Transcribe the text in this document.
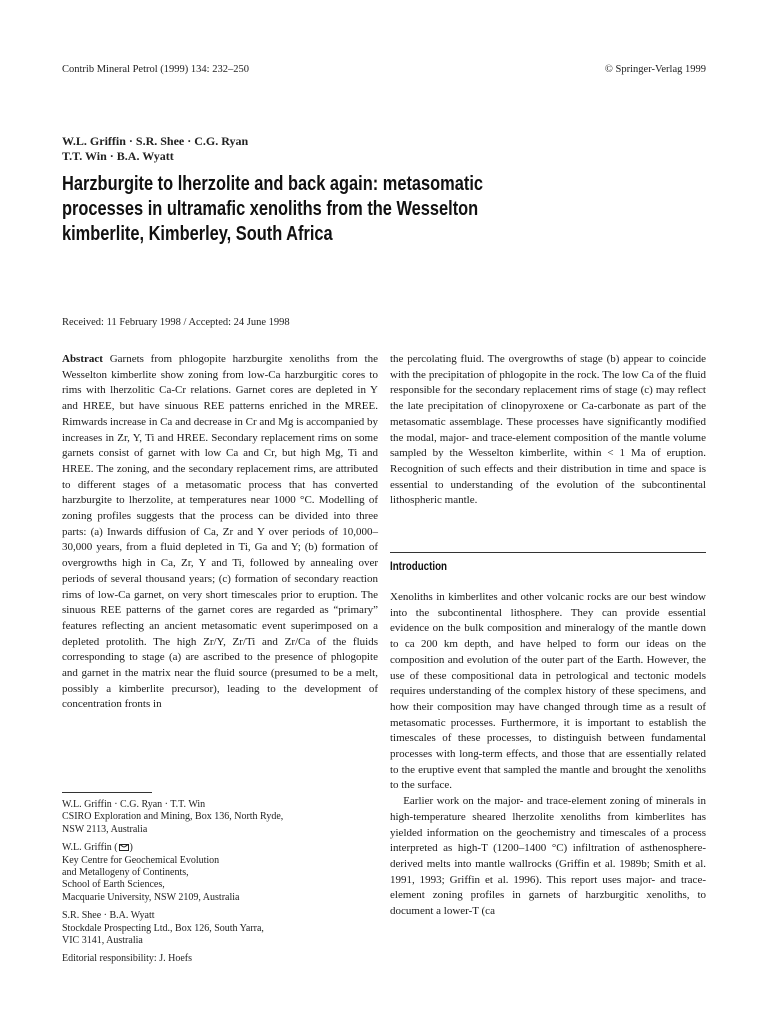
Contrib Mineral Petrol (1999) 134: 232–250	© Springer-Verlag 1999
W.L. Griffin · S.R. Shee · C.G. Ryan
T.T. Win · B.A. Wyatt
Harzburgite to lherzolite and back again: metasomatic
processes in ultramafic xenoliths from the Wesselton
kimberlite, Kimberley, South Africa
Received: 11 February 1998 / Accepted: 24 June 1998

Abstract Garnets from phlogopite harzburgite xenoliths from the Wesselton kimberlite show zoning from low-Ca harzburgitic cores to rims with lherzolitic Ca-Cr relations. Garnet cores are depleted in Y and HREE, but have sinuous REE patterns enriched in the MREE. Rimwards increase in Ca and decrease in Cr and Mg is accompanied by increases in Zr, Y, Ti and HREE. Secondary replacement rims on some garnets consist of garnet with low Ca and Cr, but high Mg, Ti and HREE. The zoning, and the secondary replacement rims, are attributed to different stages of a metasomatic process that has converted harzburgite to lherzolite, at temperatures near 1000 °C. Modelling of zoning profiles suggests that the process can be divided into three parts: (a) Inwards diffusion of Ca, Zr and Y over periods of 10,000–30,000 years, from a fluid depleted in Ti, Ga and Y; (b) formation of overgrowths high in Ca, Zr, Y and Ti, followed by annealing over periods of several thousand years; (c) formation of secondary reaction rims of low-Ca garnet, on very short timescales prior to eruption. The sinuous REE patterns of the garnet cores are regarded as “primary” features reflecting an ancient metasomatic event superimposed on a depleted protolith. The high Zr/Y, Zr/Ti and Zr/Ca of the fluids corresponding to stage (a) are ascribed to the presence of phlogopite and garnet in the matrix near the fluid source (presumed to be a melt, possibly a kimberlite precursor), leading to the development of concentration fronts in

the percolating fluid. The overgrowths of stage (b) appear to coincide with the precipitation of phlogopite in the rock. The low Ca of the fluid responsible for the secondary replacement rims of stage (c) may reflect the late precipitation of clinopyroxene or Ca-carbonate as part of the metasomatic assemblage. These processes have significantly modified the modal, major- and trace-element composition of the mantle volume sampled by the Wesselton kimberlite, within < 1 Ma of eruption. Recognition of such effects and their distribution in time and space is essential to understanding of the evolution of the subcontinental lithospheric mantle.

Introduction

Xenoliths in kimberlites and other volcanic rocks are our best window into the subcontinental lithosphere. They can provide essential evidence on the bulk composition and mineralogy of the mantle down to ca 200 km depth, and have helped to form our ideas on the composition and evolution of the outer part of the Earth. However, the use of these compositional data in petrological and tectonic models requires understanding of the complex history of these specimens, and how their composition may have changed through time as a result of metasomatic processes. Furthermore, it is important to establish the timescales of these processes, to distinguish between fundamental processes with long-term effects, and those that are essentially related to the eruptive event that sampled the mantle and brought the xenoliths to the surface.

Earlier work on the major- and trace-element zoning of minerals in high-temperature sheared lherzolite xenoliths from kimberlites has yielded information on the geochemistry and timescales of a process interpreted as high-T (1200–1400 °C) infiltration of asthenosphere-derived melts into mantle wallrocks (Griffin et al. 1989b; Smith et al. 1991, 1993; Griffin et al. 1996). This report uses major- and trace-element zoning profiles in garnets of harzburgitic xenoliths, to document a lower-T (ca

W.L. Griffin · C.G. Ryan · T.T. Win
CSIRO Exploration and Mining, Box 136, North Ryde,
NSW 2113, Australia
W.L. Griffin ( )
Key Centre for Geochemical Evolution
and Metallogeny of Continents,
School of Earth Sciences,
Macquarie University, NSW 2109, Australia
S.R. Shee · B.A. Wyatt
Stockdale Prospecting Ltd., Box 126, South Yarra,
VIC 3141, Australia
Editorial responsibility: J. Hoefs
